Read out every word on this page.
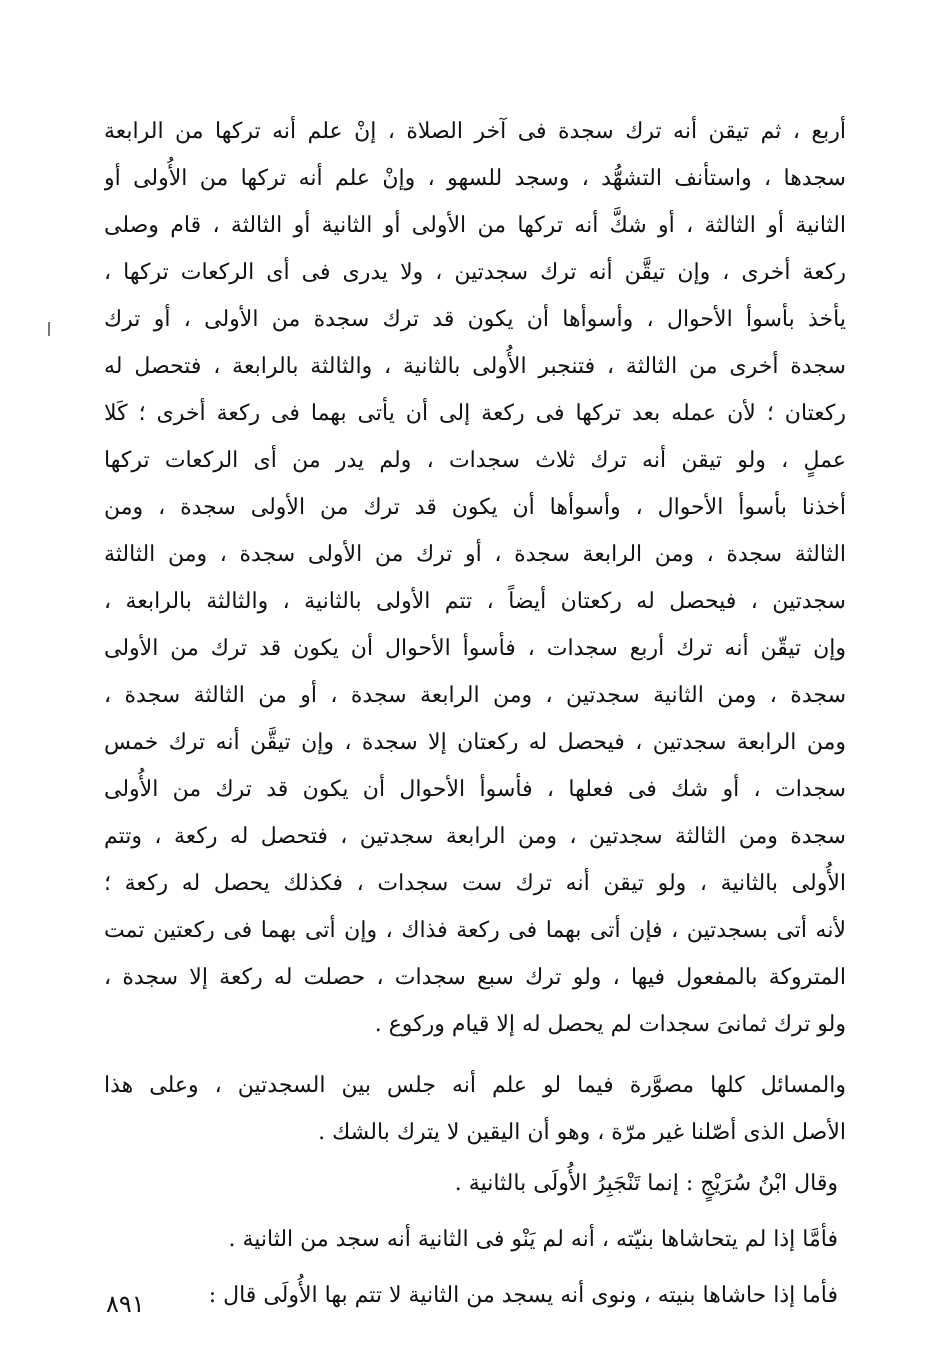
أربع ، ثم تيقن أنه ترك سجدة فى آخر الصلاة ، إنْ علم أنه تركها من الرابعة
سجدها ، واستأنف التشهُّد ، وسجد للسهو ، وإنْ علم أنه تركها من الأُولى أو
الثانية أو الثالثة ، أو شكَّ أنه تركها من الأولى أو الثانية أو الثالثة ، قام وصلى
ركعة أخرى ، وإن تيقَّن أنه ترك سجدتين ، ولا يدرى فى أى الركعات تركها ،
يأخذ بأسوأ الأحوال ، وأسوأها أن يكون قد ترك سجدة من الأولى ، أو ترك
سجدة أخرى من الثالثة ، فتنجبر الأُولى بالثانية ، والثالثة بالرابعة ، فتحصل له
ركعتان ؛ لأن عمله بعد تركها فى ركعة إلى أن يأتى بهما فى ركعة أخرى ؛ كَلا
عملٍ ، ولو تيقن أنه ترك ثلاث سجدات ، ولم يدر من أى الركعات تركها
أخذنا بأسوأ الأحوال ، وأسوأها أن يكون قد ترك من الأولى سجدة ، ومن
الثالثة سجدة ، ومن الرابعة سجدة ، أو ترك من الأولى سجدة ، ومن الثالثة
سجدتين ، فيحصل له ركعتان أيضاً ، تتم الأولى بالثانية ، والثالثة بالرابعة ،
وإن تيقّن أنه ترك أربع سجدات ، فأسوأ الأحوال أن يكون قد ترك من الأولى
سجدة ، ومن الثانية سجدتين ، ومن الرابعة سجدة ، أو من الثالثة سجدة ،
ومن الرابعة سجدتين ، فيحصل له ركعتان إلا سجدة ، وإن تيقَّن أنه ترك خمس
سجدات ، أو شك فى فعلها ، فأسوأ الأحوال أن يكون قد ترك من الأُولى
سجدة ومن الثالثة سجدتين ، ومن الرابعة سجدتين ، فتحصل له ركعة ، وتتم
الأُولى بالثانية ، ولو تيقن أنه ترك ست سجدات ، فكذلك يحصل له ركعة ؛
لأنه أتى بسجدتين ، فإن أتى بهما فى ركعة فذاك ، وإن أتى بهما فى ركعتين تمت
المتروكة بالمفعول فيها ، ولو ترك سبع سجدات ، حصلت له ركعة إلا سجدة ،
ولو ترك ثمانىَ سجدات لم يحصل له إلا قيام وركوع .
والمسائل كلها مصوَّرة فيما لو علم أنه جلس بين السجدتين ، وعلى هذا
الأصل الذى أصّلنا غير مرّة ، وهو أن اليقين لا يترك بالشك .
وقال ابْنُ سُرَيْجٍ : إنما تَنْجَبِرُ الأُولَى بالثانية .
فأمَّا إذا لم يتحاشاها بنيّته ، أنه لم يَنْو فى الثانية أنه سجد من الثانية .
فأما إذا حاشاها بنيته ، ونوى أنه يسجد من الثانية لا تتم بها الأُولَى قال :
٨٩١
